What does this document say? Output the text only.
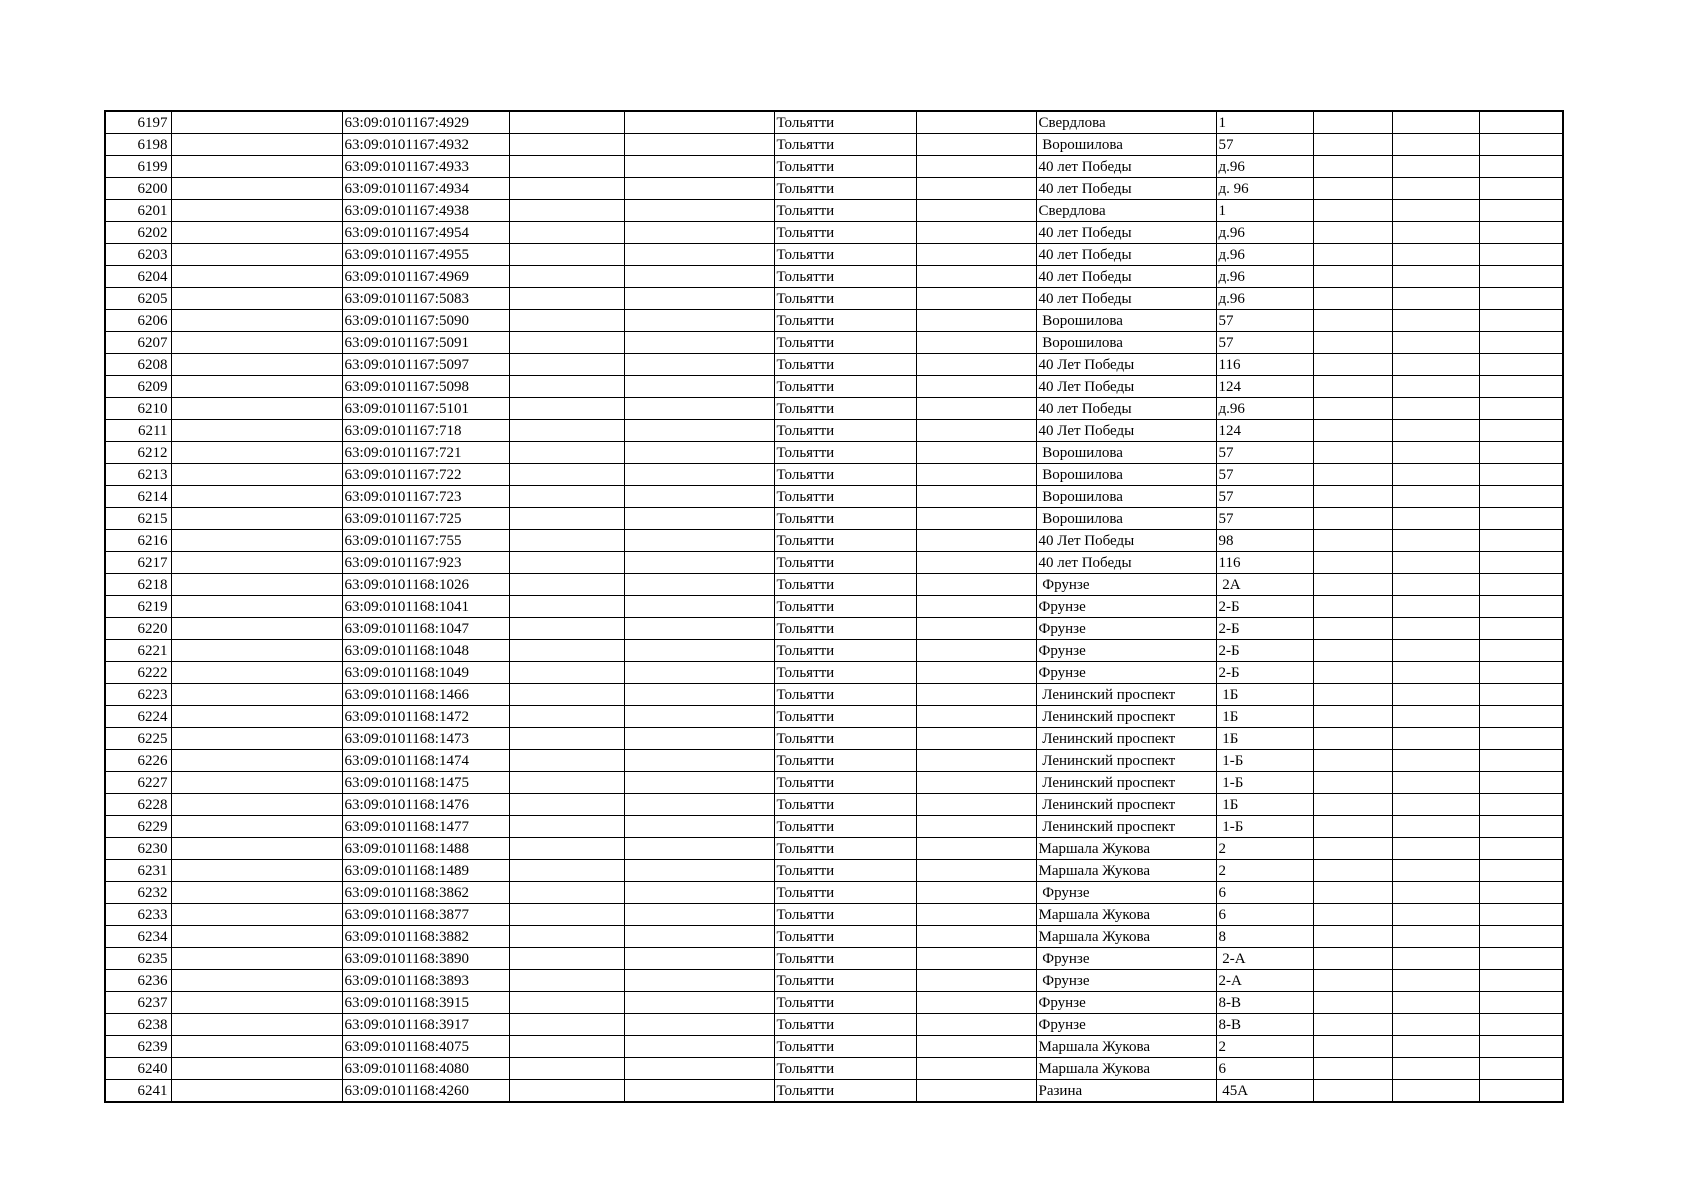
6197		63:09:0101167:4929			Тольятти		Свердлова	1			
6198		63:09:0101167:4932			Тольятти		Ворошилова	57			
6199		63:09:0101167:4933			Тольятти		40 лет Победы	д.96			
6200		63:09:0101167:4934			Тольятти		40 лет Победы	д. 96			
6201		63:09:0101167:4938			Тольятти		Свердлова	1			
6202		63:09:0101167:4954			Тольятти		40 лет Победы	д.96			
6203		63:09:0101167:4955			Тольятти		40 лет Победы	д.96			
6204		63:09:0101167:4969			Тольятти		40 лет Победы	д.96			
6205		63:09:0101167:5083			Тольятти		40 лет Победы	д.96			
6206		63:09:0101167:5090			Тольятти		Ворошилова	57			
6207		63:09:0101167:5091			Тольятти		Ворошилова	57			
6208		63:09:0101167:5097			Тольятти		40 Лет Победы	116			
6209		63:09:0101167:5098			Тольятти		40 Лет Победы	124			
6210		63:09:0101167:5101			Тольятти		40 лет Победы	д.96			
6211		63:09:0101167:718			Тольятти		40 Лет Победы	124			
6212		63:09:0101167:721			Тольятти		Ворошилова	57			
6213		63:09:0101167:722			Тольятти		Ворошилова	57			
6214		63:09:0101167:723			Тольятти		Ворошилова	57			
6215		63:09:0101167:725			Тольятти		Ворошилова	57			
6216		63:09:0101167:755			Тольятти		40 Лет Победы	98			
6217		63:09:0101167:923			Тольятти		40 лет Победы	116			
6218		63:09:0101168:1026			Тольятти		Фрунзе	2А			
6219		63:09:0101168:1041			Тольятти		Фрунзе	2-Б			
6220		63:09:0101168:1047			Тольятти		Фрунзе	2-Б			
6221		63:09:0101168:1048			Тольятти		Фрунзе	2-Б			
6222		63:09:0101168:1049			Тольятти		Фрунзе	2-Б			
6223		63:09:0101168:1466			Тольятти		Ленинский проспект	1Б			
6224		63:09:0101168:1472			Тольятти		Ленинский проспект	1Б			
6225		63:09:0101168:1473			Тольятти		Ленинский проспект	1Б			
6226		63:09:0101168:1474			Тольятти		Ленинский проспект	1-Б			
6227		63:09:0101168:1475			Тольятти		Ленинский проспект	1-Б			
6228		63:09:0101168:1476			Тольятти		Ленинский проспект	1Б			
6229		63:09:0101168:1477			Тольятти		Ленинский проспект	1-Б			
6230		63:09:0101168:1488			Тольятти		Маршала Жукова	2			
6231		63:09:0101168:1489			Тольятти		Маршала Жукова	2			
6232		63:09:0101168:3862			Тольятти		Фрунзе	6			
6233		63:09:0101168:3877			Тольятти		Маршала Жукова	6			
6234		63:09:0101168:3882			Тольятти		Маршала Жукова	8			
6235		63:09:0101168:3890			Тольятти		Фрунзе	2-А			
6236		63:09:0101168:3893			Тольятти		Фрунзе	2-А			
6237		63:09:0101168:3915			Тольятти		Фрунзе	8-В			
6238		63:09:0101168:3917			Тольятти		Фрунзе	8-В			
6239		63:09:0101168:4075			Тольятти		Маршала Жукова	2			
6240		63:09:0101168:4080			Тольятти		Маршала Жукова	6			
6241		63:09:0101168:4260			Тольятти		Разина	45А			
